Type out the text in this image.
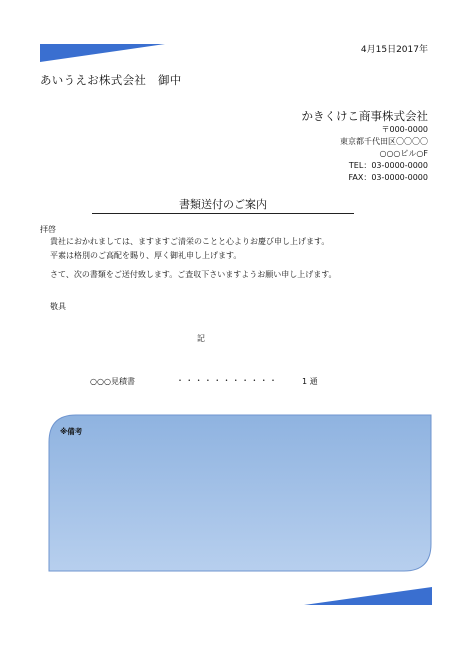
4月15日2017年
あいうえお株式会社　御中
かきくけこ商事株式会社
〒000-0000
東京都千代田区〇〇〇〇
○○○ビル○F
TEL：03-0000-0000
FAX：03-0000-0000
書類送付のご案内
拝啓
貴社におかれましては、ますますご清栄のことと心よりお慶び申し上げます。
平素は格別のご高配を賜り、厚く御礼申し上げます。
さて、次の書類をご送付致します。ご査収下さいますようお願い申し上げます。
敬具
記
○○○見積書	・・・・・・・・・・・	1 通
※備考
